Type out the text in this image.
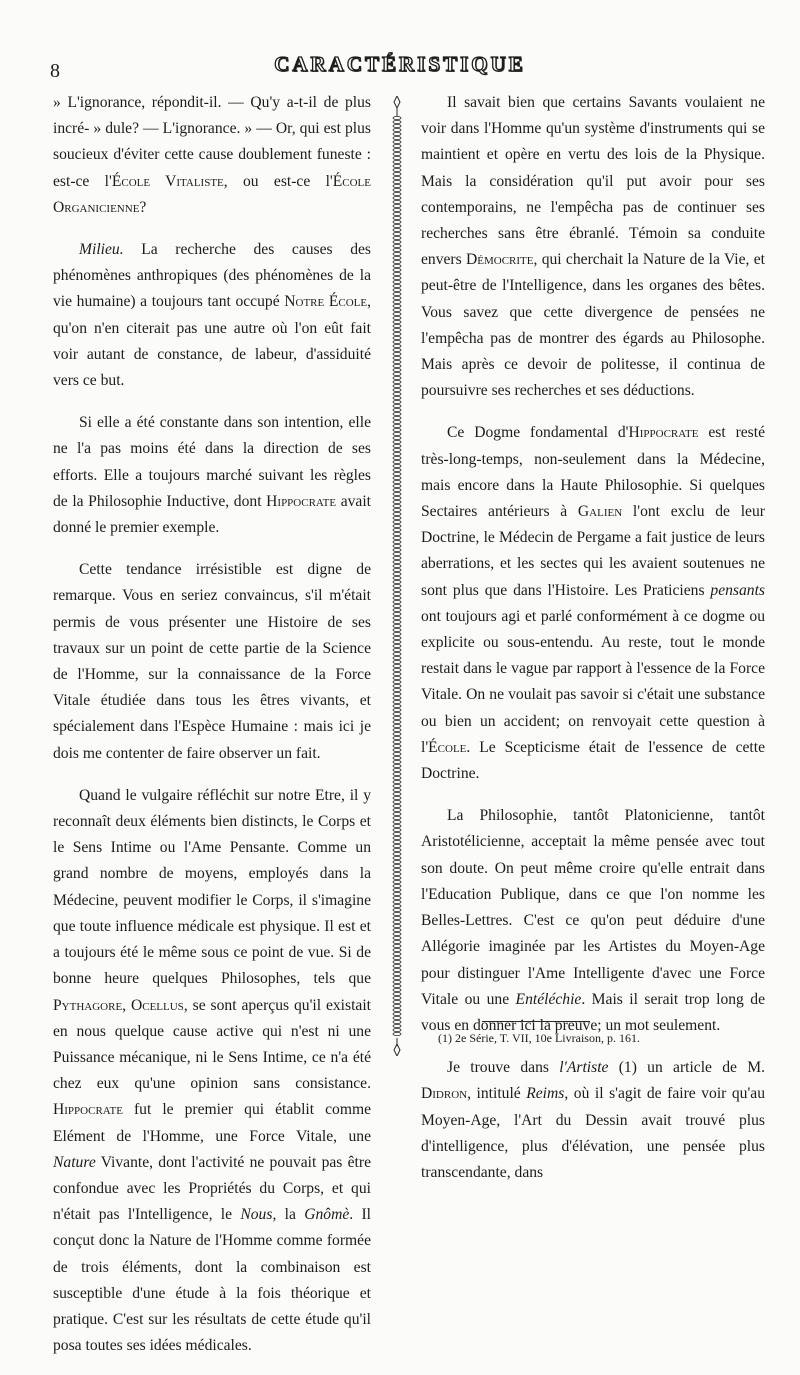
8	CARACTÉRISTIQUE

» L'ignorance, répondit-il. — Qu'y a-t-il de plus incré- » dule? — L'ignorance. » — Or, qui est plus soucieux d'éviter cette cause doublement funeste : est-ce l'École Vitaliste, ou est-ce l'École Organicienne?

Milieu. La recherche des causes des phénomènes anthropiques (des phénomènes de la vie humaine) a toujours tant occupé Notre École, qu'on n'en citerait pas une autre où l'on eût fait voir autant de constance, de labeur, d'assiduité vers ce but.

Si elle a été constante dans son intention, elle ne l'a pas moins été dans la direction de ses efforts. Elle a toujours marché suivant les règles de la Philosophie Inductive, dont Hippocrate avait donné le premier exemple.

Cette tendance irrésistible est digne de remarque. Vous en seriez convaincus, s'il m'était permis de vous présenter une Histoire de ses travaux sur un point de cette partie de la Science de l'Homme, sur la connaissance de la Force Vitale étudiée dans tous les êtres vivants, et spécialement dans l'Espèce Humaine : mais ici je dois me contenter de faire observer un fait.

Quand le vulgaire réfléchit sur notre Etre, il y reconnaît deux éléments bien distincts, le Corps et le Sens Intime ou l'Ame Pensante. Comme un grand nombre de moyens, employés dans la Médecine, peuvent modifier le Corps, il s'imagine que toute influence médicale est physique. Il est et a toujours été le même sous ce point de vue. Si de bonne heure quelques Philosophes, tels que Pythagore, Ocellus, se sont aperçus qu'il existait en nous quelque cause active qui n'est ni une Puissance mécanique, ni le Sens Intime, ce n'a été chez eux qu'une opinion sans consistance. Hippocrate fut le premier qui établit comme Elément de l'Homme, une Force Vitale, une Nature Vivante, dont l'activité ne pouvait pas être confondue avec les Propriétés du Corps, et qui n'était pas l'Intelligence, le Nous, la Gnômè. Il conçut donc la Nature de l'Homme comme formée de trois éléments, dont la combinaison est susceptible d'une étude à la fois théorique et pratique. C'est sur les résultats de cette étude qu'il posa toutes ses idées médicales.

Il savait bien que certains Savants voulaient ne voir dans l'Homme qu'un système d'instruments qui se maintient et opère en vertu des lois de la Physique. Mais la considération qu'il put avoir pour ses contemporains, ne l'empêcha pas de continuer ses recherches sans être ébranlé. Témoin sa conduite envers Démocrite, qui cherchait la Nature de la Vie, et peut-être de l'Intelligence, dans les organes des bêtes. Vous savez que cette divergence de pensées ne l'empêcha pas de montrer des égards au Philosophe. Mais après ce devoir de politesse, il continua de poursuivre ses recherches et ses déductions.

Ce Dogme fondamental d'Hippocrate est resté très-long-temps, non-seulement dans la Médecine, mais encore dans la Haute Philosophie. Si quelques Sectaires antérieurs à Galien l'ont exclu de leur Doctrine, le Médecin de Pergame a fait justice de leurs aberrations, et les sectes qui les avaient soutenues ne sont plus que dans l'Histoire. Les Praticiens pensants ont toujours agi et parlé conformément à ce dogme ou explicite ou sous-entendu. Au reste, tout le monde restait dans le vague par rapport à l'essence de la Force Vitale. On ne voulait pas savoir si c'était une substance ou bien un accident; on renvoyait cette question à l'École. Le Scepticisme était de l'essence de cette Doctrine.

La Philosophie, tantôt Platonicienne, tantôt Aristotélicienne, acceptait la même pensée avec tout son doute. On peut même croire qu'elle entrait dans l'Education Publique, dans ce que l'on nomme les Belles-Lettres. C'est ce qu'on peut déduire d'une Allégorie imaginée par les Artistes du Moyen-Age pour distinguer l'Ame Intelligente d'avec une Force Vitale ou une Entéléchie. Mais il serait trop long de vous en donner ici la preuve; un mot seulement.

Je trouve dans l'Artiste (1) un article de M. Didron, intitulé Reims, où il s'agit de faire voir qu'au Moyen-Age, l'Art du Dessin avait trouvé plus d'intelligence, plus d'élévation, une pensée plus transcendante, dans

(1) 2e Série, T. VII, 10e Livraison, p. 161.
